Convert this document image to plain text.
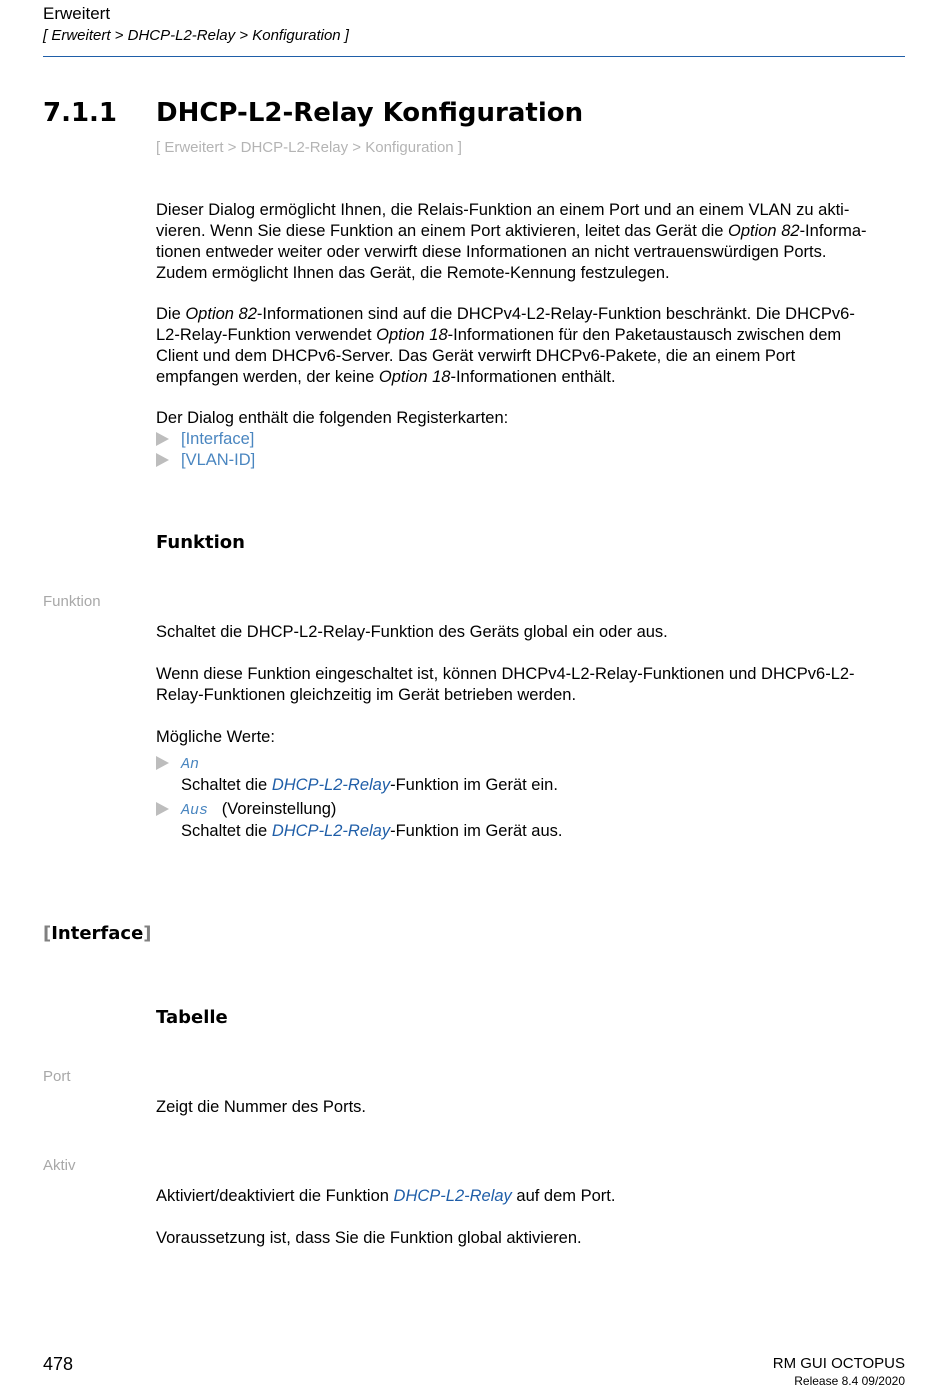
Erweitert
[ Erweitert > DHCP-L2-Relay > Konfiguration ]
7.1.1 DHCP-L2-Relay Konfiguration
[ Erweitert > DHCP-L2-Relay > Konfiguration ]

Dieser Dialog ermöglicht Ihnen, die Relais-Funktion an einem Port und an einem VLAN zu akti-

vieren. Wenn Sie diese Funktion an einem Port aktivieren, leitet das Gerät die Option 82-Informa-

tionen entweder weiter oder verwirft diese Informationen an nicht vertrauenswürdigen Ports.

Zudem ermöglicht Ihnen das Gerät, die Remote-Kennung festzulegen.

Die Option 82-Informationen sind auf die DHCPv4-L2-Relay-Funktion beschränkt. Die DHCPv6-

L2-Relay-Funktion verwendet Option 18-Informationen für den Paketaustausch zwischen dem

Client und dem DHCPv6-Server. Das Gerät verwirft DHCPv6-Pakete, die an einem Port

empfangen werden, der keine Option 18-Informationen enthält.

Der Dialog enthält die folgenden Registerkarten:
[Interface]
[VLAN-ID]
Funktion
Funktion
Schaltet die DHCP-L2-Relay-Funktion des Geräts global ein oder aus.

Wenn diese Funktion eingeschaltet ist, können DHCPv4-L2-Relay-Funktionen und DHCPv6-L2-

Relay-Funktionen gleichzeitig im Gerät betrieben werden.

Mögliche Werte:
An
Schaltet die DHCP-L2-Relay-Funktion im Gerät ein.
Aus (Voreinstellung)
Schaltet die DHCP-L2-Relay-Funktion im Gerät aus.
[Interface]
Tabelle
Port
Zeigt die Nummer des Ports.
Aktiv
Aktiviert/deaktiviert die Funktion DHCP-L2-Relay auf dem Port.
Voraussetzung ist, dass Sie die Funktion global aktivieren.
478	RM GUI OCTOPUS
Release 8.4 09/2020
